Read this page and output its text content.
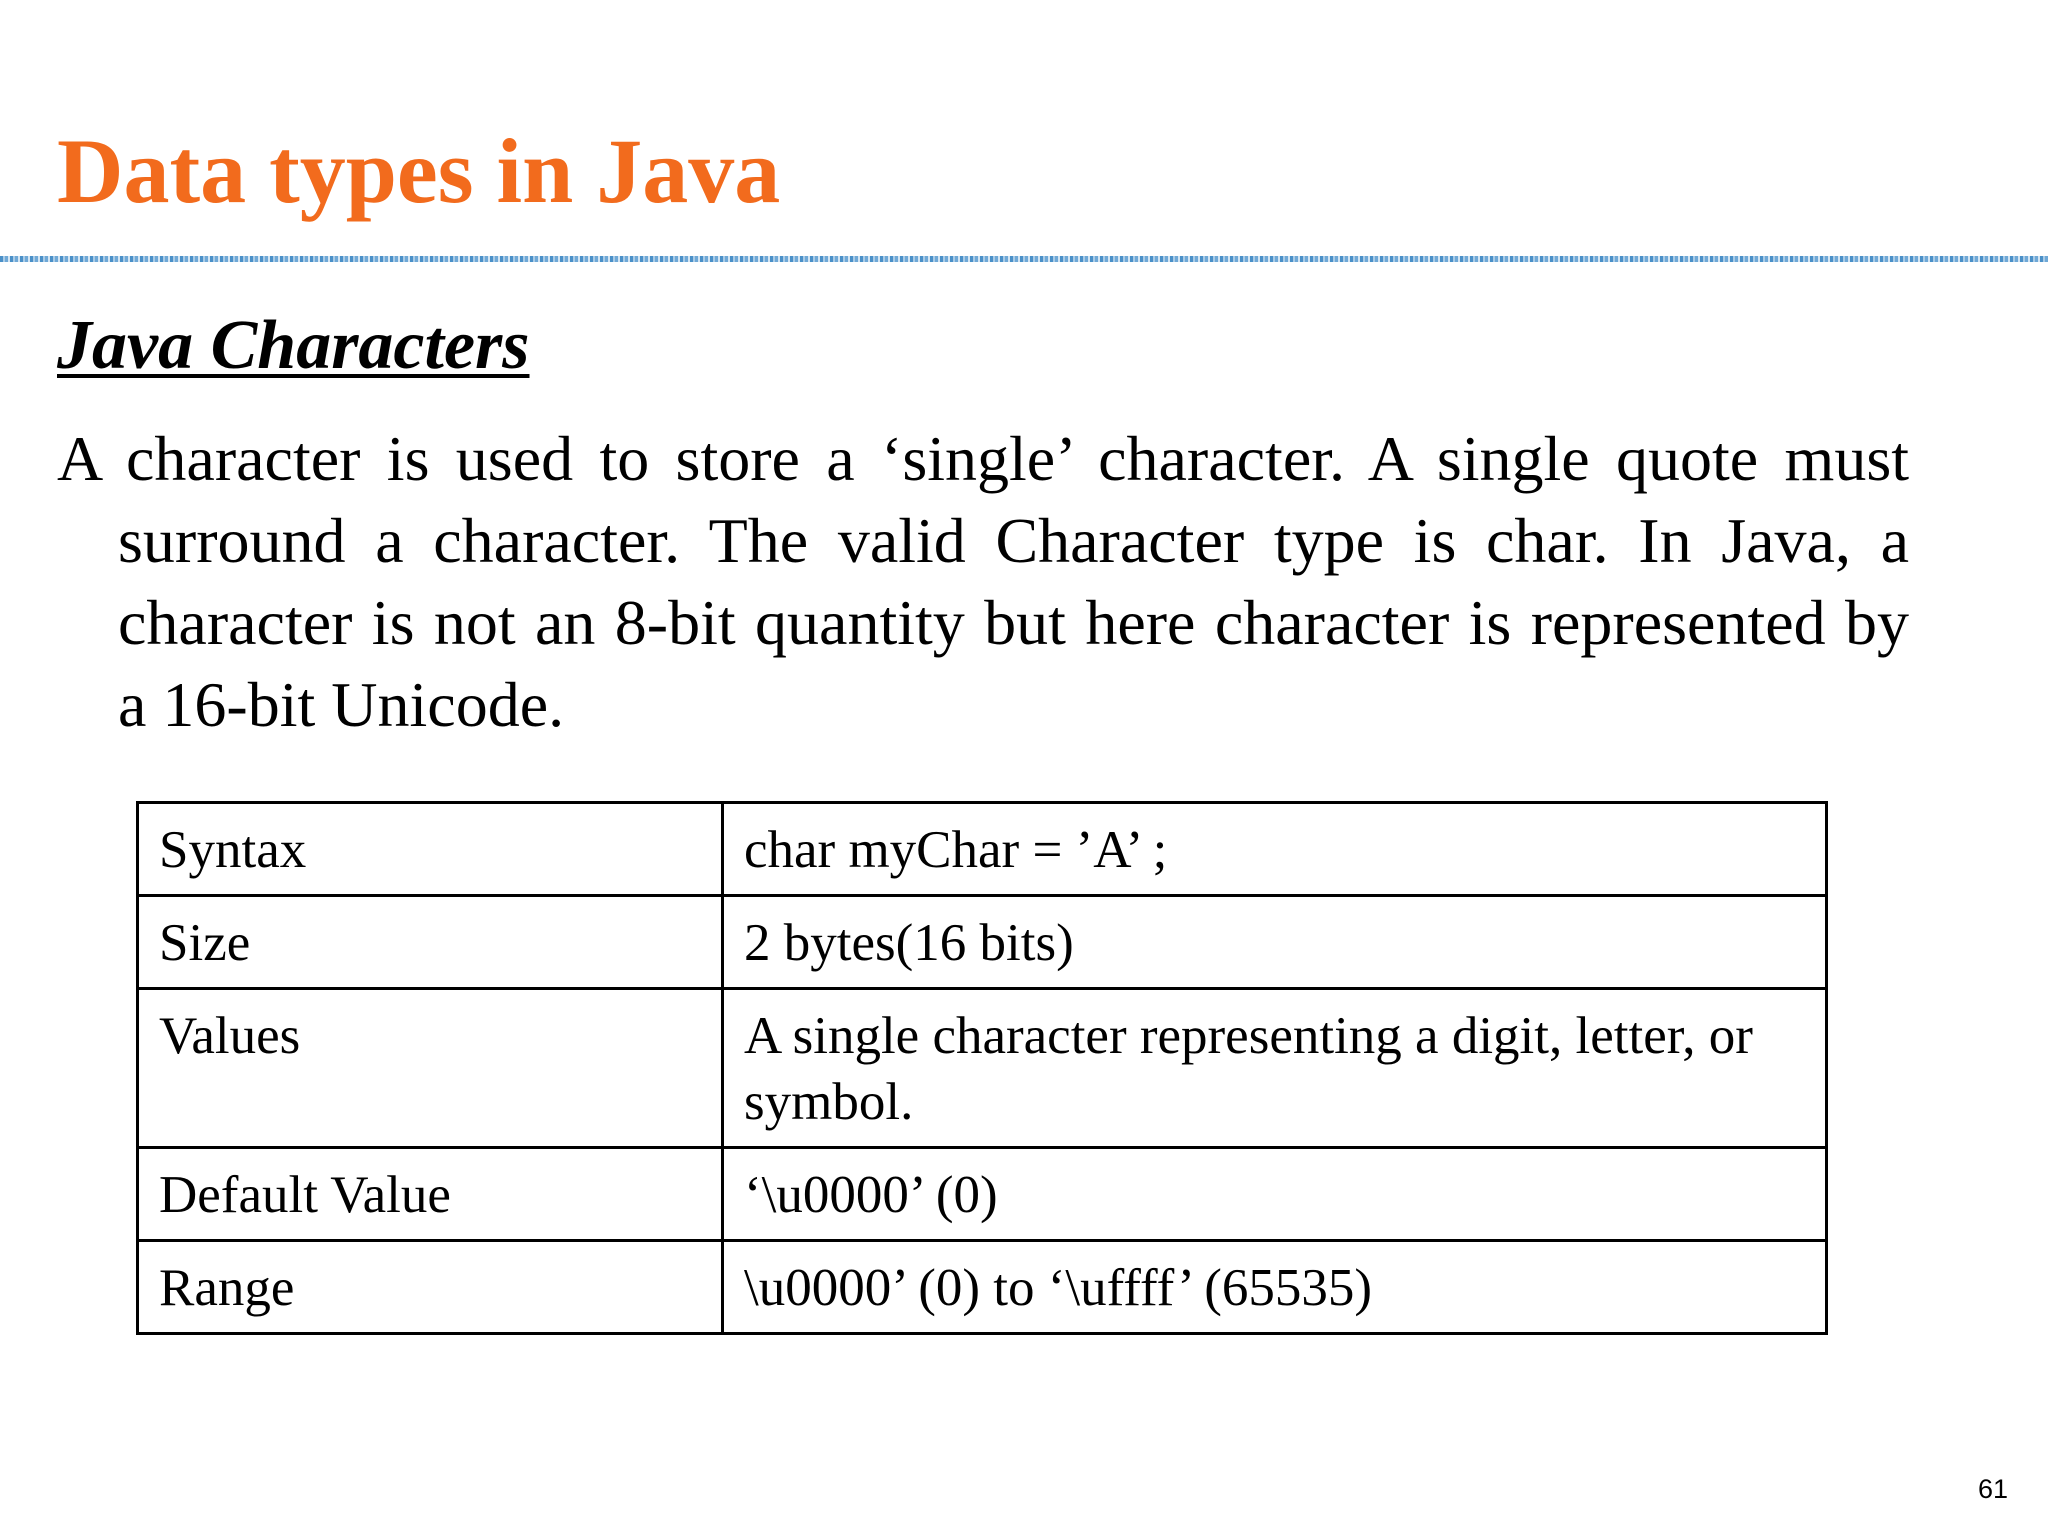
Data types in Java
Java Characters

A character is used to store a ‘single’ character. A single quote must surround a character. The valid Character type is char. In Java, a character is not an 8-bit quantity but here character is represented by a 16-bit Unicode.

Syntax	char myChar = ’A’ ;
Size	2 bytes(16 bits)
Values	A single character representing a digit, letter, or symbol.
Default Value	‘\u0000’ (0)
Range	\u0000’ (0) to ‘\uffff’ (65535)
61
